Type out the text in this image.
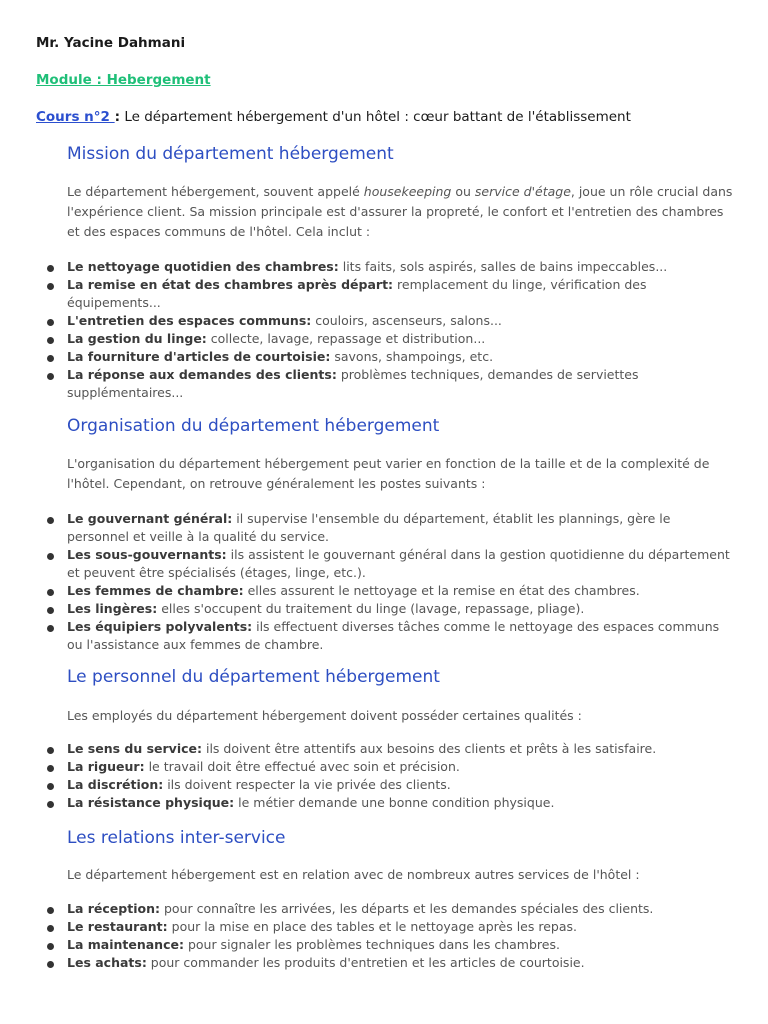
Mr. Yacine Dahmani
Module : Hebergement
Cours n°2 : Le département hébergement d'un hôtel : cœur battant de l'établissement
Mission du département hébergement
Le département hébergement, souvent appelé housekeeping ou service d'étage, joue un rôle crucial dans l'expérience client. Sa mission principale est d'assurer la propreté, le confort et l'entretien des chambres et des espaces communs de l'hôtel. Cela inclut :
Le nettoyage quotidien des chambres: lits faits, sols aspirés, salles de bains impeccables...
La remise en état des chambres après départ: remplacement du linge, vérification des équipements...
L'entretien des espaces communs: couloirs, ascenseurs, salons...
La gestion du linge: collecte, lavage, repassage et distribution...
La fourniture d'articles de courtoisie: savons, shampoings, etc.
La réponse aux demandes des clients: problèmes techniques, demandes de serviettes supplémentaires...
Organisation du département hébergement
L'organisation du département hébergement peut varier en fonction de la taille et de la complexité de l'hôtel. Cependant, on retrouve généralement les postes suivants :
Le gouvernant général: il supervise l'ensemble du département, établit les plannings, gère le personnel et veille à la qualité du service.
Les sous-gouvernants: ils assistent le gouvernant général dans la gestion quotidienne du département et peuvent être spécialisés (étages, linge, etc.).
Les femmes de chambre: elles assurent le nettoyage et la remise en état des chambres.
Les lingères: elles s'occupent du traitement du linge (lavage, repassage, pliage).
Les équipiers polyvalents: ils effectuent diverses tâches comme le nettoyage des espaces communs ou l'assistance aux femmes de chambre.
Le personnel du département hébergement
Les employés du département hébergement doivent posséder certaines qualités :
Le sens du service: ils doivent être attentifs aux besoins des clients et prêts à les satisfaire.
La rigueur: le travail doit être effectué avec soin et précision.
La discrétion: ils doivent respecter la vie privée des clients.
La résistance physique: le métier demande une bonne condition physique.
Les relations inter-service
Le département hébergement est en relation avec de nombreux autres services de l'hôtel :
La réception: pour connaître les arrivées, les départs et les demandes spéciales des clients.
Le restaurant: pour la mise en place des tables et le nettoyage après les repas.
La maintenance: pour signaler les problèmes techniques dans les chambres.
Les achats: pour commander les produits d'entretien et les articles de courtoisie.
